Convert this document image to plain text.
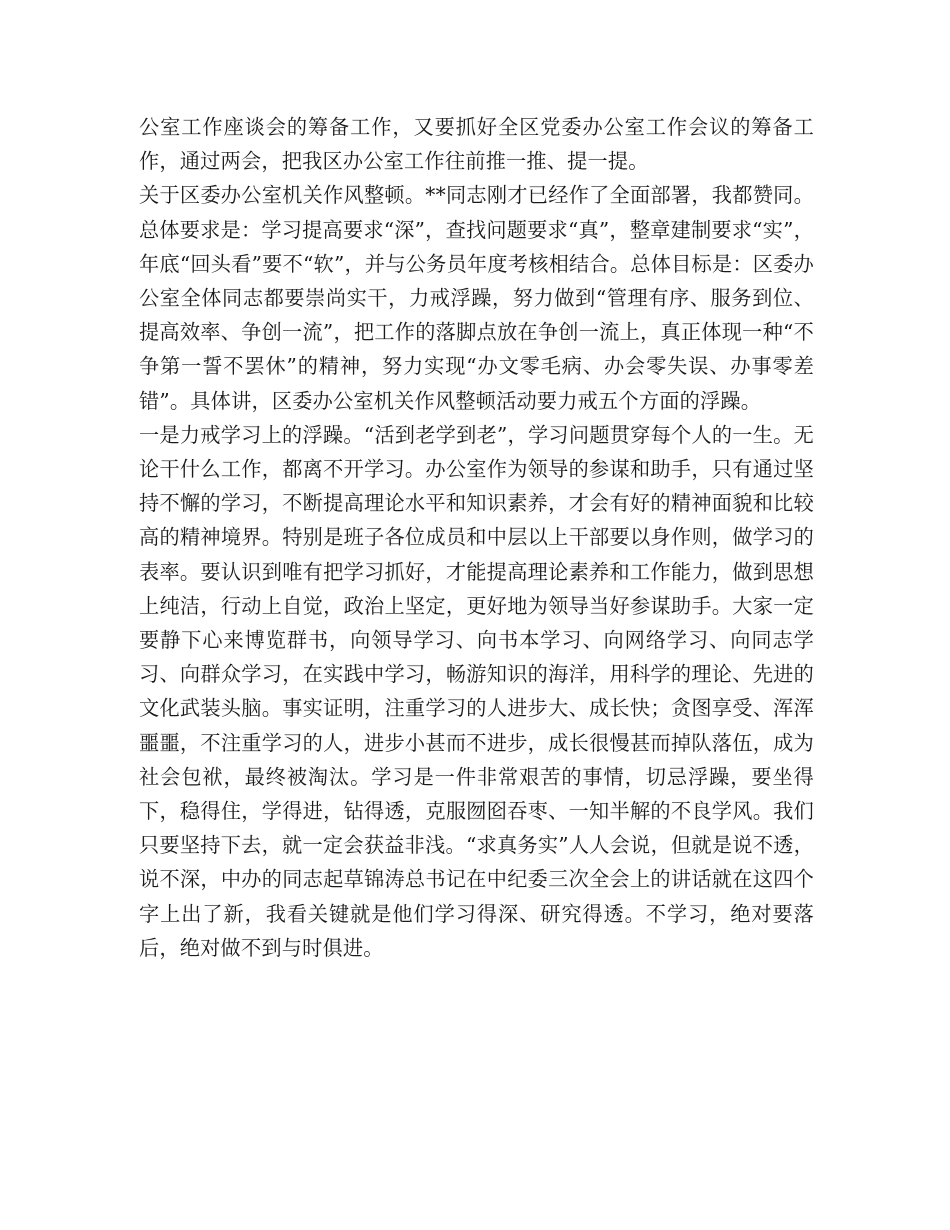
公室工作座谈会的筹备工作，又要抓好全区党委办公室工作会议的筹备工作，通过两会，把我区办公室工作往前推一推、提一提。

关于区委办公室机关作风整顿。**同志刚才已经作了全面部署，我都赞同。总体要求是：学习提高要求“深”，查找问题要求“真”，整章建制要求“实”，年底“回头看”要不“软”，并与公务员年度考核相结合。总体目标是：区委办公室全体同志都要崇尚实干，力戒浮躁，努力做到“管理有序、服务到位、提高效率、争创一流”，把工作的落脚点放在争创一流上，真正体现一种“不争第一誓不罢休”的精神，努力实现“办文零毛病、办会零失误、办事零差错”。具体讲，区委办公室机关作风整顿活动要力戒五个方面的浮躁。

一是力戒学习上的浮躁。“活到老学到老”，学习问题贯穿每个人的一生。无论干什么工作，都离不开学习。办公室作为领导的参谋和助手，只有通过坚持不懈的学习，不断提高理论水平和知识素养，才会有好的精神面貌和比较高的精神境界。特别是班子各位成员和中层以上干部要以身作则，做学习的表率。要认识到唯有把学习抓好，才能提高理论素养和工作能力，做到思想上纯洁，行动上自觉，政治上坚定，更好地为领导当好参谋助手。大家一定要静下心来博览群书，向领导学习、向书本学习、向网络学习、向同志学习、向群众学习，在实践中学习，畅游知识的海洋，用科学的理论、先进的文化武装头脑。事实证明，注重学习的人进步大、成长快；贪图享受、浑浑噩噩，不注重学习的人，进步小甚而不进步，成长很慢甚而掉队落伍，成为社会包袱，最终被淘汰。学习是一件非常艰苦的事情，切忌浮躁，要坐得下，稳得住，学得进，钻得透，克服囫囵吞枣、一知半解的不良学风。我们只要坚持下去，就一定会获益非浅。“求真务实”人人会说，但就是说不透，说不深，中办的同志起草锦涛总书记在中纪委三次全会上的讲话就在这四个字上出了新，我看关键就是他们学习得深、研究得透。不学习，绝对要落后，绝对做不到与时俱进。
